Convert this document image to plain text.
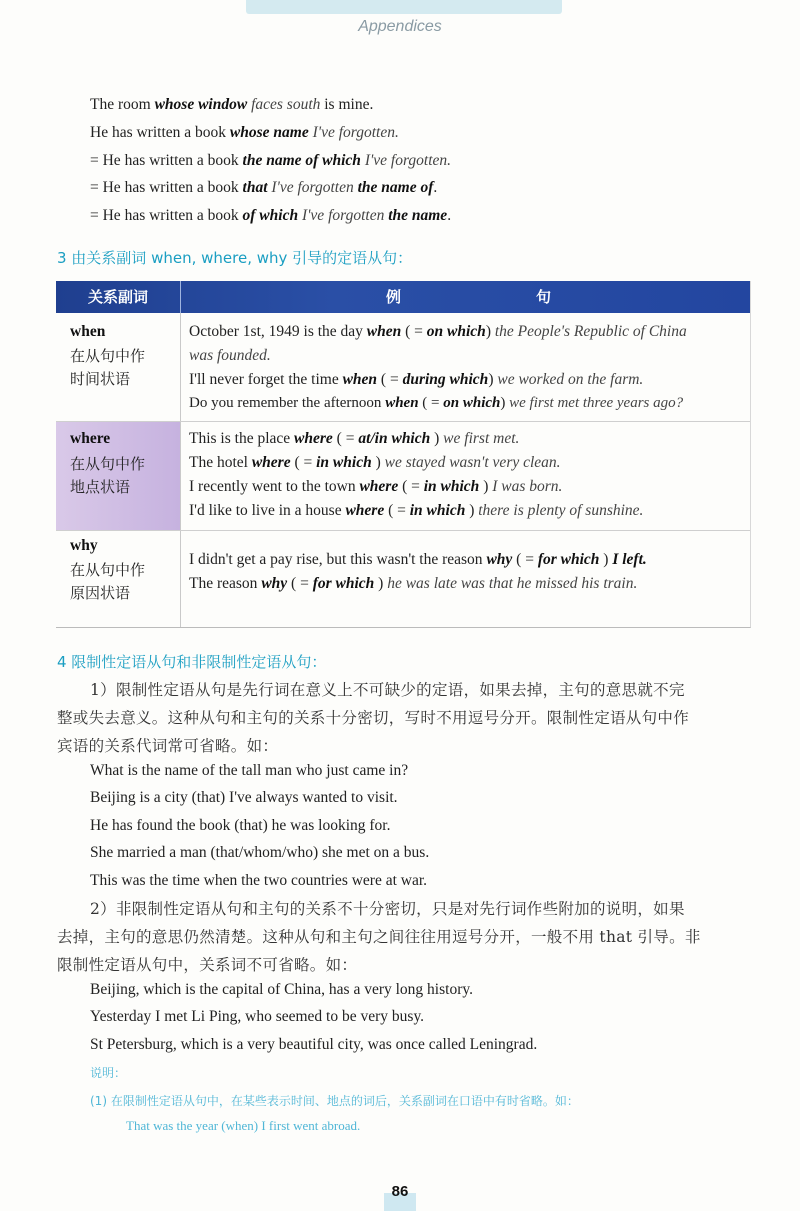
Appendices
The room whose window faces south is mine.
He has written a book whose name I've forgotten.
= He has written a book the name of which I've forgotten.
= He has written a book that I've forgotten the name of.
= He has written a book of which I've forgotten the name.
3 由关系副词 when, where, why 引导的定语从句：
关系副词	例	句
when
在从句中作
时间状语
October 1st, 1949 is the day when ( = on which) the People's Republic of China
was founded.
I'll never forget the time when ( = during which) we worked on the farm.
Do you remember the afternoon when ( = on which) we first met three years ago?
where
在从句中作
地点状语
This is the place where ( = at/in which ) we first met.
The hotel where ( = in which ) we stayed wasn't very clean.
I recently went to the town where ( = in which ) I was born.
I'd like to live in a house where ( = in which ) there is plenty of sunshine.
why
在从句中作
原因状语
I didn't get a pay rise, but this wasn't the reason why ( = for which ) I left.
The reason why ( = for which ) he was late was that he missed his train.
4 限制性定语从句和非限制性定语从句：
1）限制性定语从句是先行词在意义上不可缺少的定语，如果去掉，主句的意思就不完
整或失去意义。这种从句和主句的关系十分密切，写时不用逗号分开。限制性定语从句中作
宾语的关系代词常可省略。如：
What is the name of the tall man who just came in?
Beijing is a city (that) I've always wanted to visit.
He has found the book (that) he was looking for.
She married a man (that/whom/who) she met on a bus.
This was the time when the two countries were at war.
2）非限制性定语从句和主句的关系不十分密切，只是对先行词作些附加的说明，如果
去掉，主句的意思仍然清楚。这种从句和主句之间往往用逗号分开，一般不用 that 引导。非
限制性定语从句中，关系词不可省略。如：
Beijing, which is the capital of China, has a very long history.
Yesterday I met Li Ping, who seemed to be very busy.
St Petersburg, which is a very beautiful city, was once called Leningrad.
说明：
(1) 在限制性定语从句中，在某些表示时间、地点的词后，关系副词在口语中有时省略。如：
That was the year (when) I first went abroad.
86
